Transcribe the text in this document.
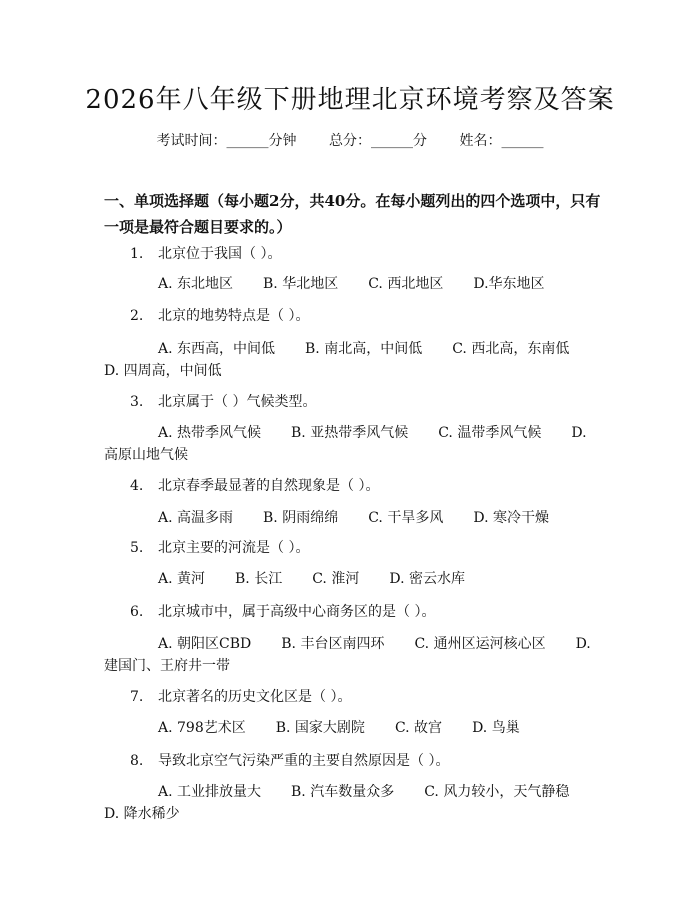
2026年八年级下册地理北京环境考察及答案
考试时间：______分钟 总分：______分 姓名：______
一、单项选择题（每小题2分，共40分。在每小题列出的四个选项中，只有一项是最符合题目要求的。）
1. 北京位于我国（ ）。
A. 东北地区 B. 华北地区 C. 西北地区 D.华东地区
2. 北京的地势特点是（ ）。
A. 东西高，中间低 B. 南北高，中间低 C. 西北高，东南低D. 四周高，中间低
3. 北京属于（ ）气候类型。
A. 热带季风气候 B. 亚热带季风气候 C. 温带季风气候 D. 高原山地气候
4. 北京春季最显著的自然现象是（ ）。
A. 高温多雨 B. 阴雨绵绵 C. 干旱多风 D. 寒冷干燥
5. 北京主要的河流是（ ）。
A. 黄河 B. 长江 C. 淮河 D. 密云水库
6. 北京城市中，属于高级中心商务区的是（ ）。
A. 朝阳区CBD B. 丰台区南四环 C. 通州区运河核心区 D. 建国门、王府井一带
7. 北京著名的历史文化区是（ ）。
A. 798艺术区 B. 国家大剧院 C. 故宫 D. 鸟巢
8. 导致北京空气污染严重的主要自然原因是（ ）。
A. 工业排放量大 B. 汽车数量众多 C. 风力较小，天气静稳D. 降水稀少
